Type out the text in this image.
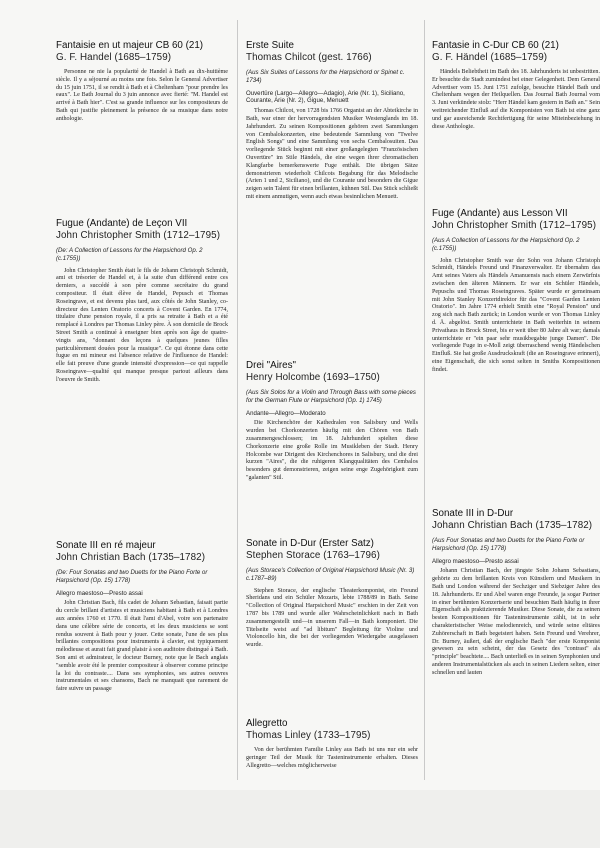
Fantaisie en ut majeur CB 60 (21)
G. F. Handel (1685–1759)

Personne ne nie la popularité de Handel à Bath au dix-huitième siècle. Il y a séjourné au moins une fois. Selon le General Advertiser du 15 juin 1751, il se rendit à Bath et à Cheltenham "pour prendre les eaux". Le Bath Journal du 3 juin annonce avec fierté: "M. Handel est arrivé à Bath hier". C'est sa grande influence sur les compositeurs de Bath qui justifie pleinement la présence de sa musique dans notre anthologie.

Fugue (Andante) de Leçon VII
John Christopher Smith (1712–1795)

(De: A Collection of Lessons for the Harpsichord Op. 2 (c.1755))

John Christopher Smith était le fils de Johann Christoph Schmidt, ami et trésorier de Handel et, à la suite d'un différend entre ces derniers, a succédé à son père comme secrétaire du grand compositeur. Il était élève de Handel, Pepusch et Thomas Roseingrave, et est devenu plus tard, aux côtés de John Stanley, co-directeur des Lenten Oratorio concerts à Covent Garden. En 1774, titulaire d'une pension royale, il a pris sa retraite à Bath et a été remplacé à Londres par Thomas Linley père. À son domicile de Brock Street Smith a continué à enseigner bien après son âge de quatre-vingts ans, "donnant des leçons à quelques jeunes filles particulièrement douées pour la musique". Ce qui étonne dans cette fugue en mi mineur est l'absence relative de l'influence de Handel: elle fait preuve d'une grande intensité d'expression—ce qui rappelle Roseingrave—qualité qui manque presque partout ailleurs dans l'oeuvre de Smith.

Sonate III en ré majeur
John Christian Bach (1735–1782)

(De: Four Sonatas and two Duetts for the Piano Forte or Harpsichord (Op. 15) 1778)

Allegro maestoso—Presto assai

John Christian Bach, fils cadet de Johann Sebastian, faisait partie du cercle brillant d'artistes et musiciens habitant à Bath et à Londres aux années 1760 et 1770. Il était l'ami d'Abel, voire son partenaire dans une célèbre série de concerts, et les deux musiciens se sont rendus souvent à Bath pour y jouer. Cette sonate, l'une de ses plus brillantes compositions pour instruments à clavier, est typiquement mélodieuse et aurait fait grand plaisir à son auditoire distingué à Bath. Son ami et admirateur, le docteur Burney, note que le Bach anglais "semble avoir été le premier compositeur à observer comme principe la loi du contraste.... Dans ses symphonies, ses autres oeuvres instrumentales et ses chansons, Bach ne manquait que rarement de faire suivre un passage

Erste Suite
Thomas Chilcot (gest. 1766)

(Aus Six Suites of Lessons for the Harpsichord or Spinet c. 1734)

Ouvertüre (Largo—Allegro—Adagio), Arie (Nr. 1), Siciliano, Courante, Arie (Nr. 2), Gigue, Menuett

Thomas Chilcot, von 1728 bis 1766 Organist an der Abteikirche in Bath, war einer der hervorragendsten Musiker Westenglands im 18. Jahrhundert. Zu seinen Kompositionen gehören zwei Sammlungen von Cembalokonzerten, eine bedeutende Sammlung von "Twelve English Songs" und eine Sammlung von sechs Cembalosuiten. Das vorliegende Stück beginnt mit einer großangelegten "Französischen Ouvertüre" im Stile Händels, die eine wegen ihrer chromatischen Klangfarbe bemerkenswerte Fuge enthält. Die übrigen Sätze demonstrieren wiederholt Chilcots Begabung für das Melodische (Arien 1 und 2, Siciliano), und die Courante und besonders die Gigue zeigen sein Talent für einen brillanten, kühnen Stil. Das Stück schließt mit einem anmutigen, wenn auch etwas besinnlichen Menuett.

Drei "Aires"
Henry Holcombe (1693–1750)

(Aus Six Solos for a Violin and Through Bass with some pieces for the German Flute or Harpsichord (Op. 1) 1745)

Andante—Allegro—Moderato

Die Kirchenchöre der Kathedralen von Salisbury und Wells wurden bei Chorkonzerten häufig mit den Chören von Bath zusammengeschlossen; im 18. Jahrhundert spielten diese Chorkonzerte eine große Rolle im Musikleben der Stadt. Henry Holcombe war Dirigent des Kirchenchores in Salisbury, und die drei kurzen "Aires", die die ruhigeren Klangqualitäten des Cembalos besonders gut demonstrieren, zeigen seine enge Zugehörigkeit zum "galanten" Stil.

Sonate in D-Dur (Erster Satz)
Stephen Storace (1763–1796)

(Aus Storace's Collection of Original Harpsichord Music (Nr. 3) c.1787–89)

Stephen Storace, der englische Theaterkomponist, ein Freund Sheridans und ein Schüler Mozarts, lebte 1788/89 in Bath. Seine "Collection of Original Harpsichord Music" erschien in der Zeit von 1787 bis 1789 und wurde aller Wahrscheinlichkeit nach in Bath zusammengestellt und—in unserem Fall—in Bath komponiert. Die Titelseite weist auf "ad libitum" Begleitung für Violine und Violoncello hin, die bei der vorliegenden Wiedergabe ausgelassen wurde.

Allegretto
Thomas Linley (1733–1795)

Von der berühmten Familie Linley aus Bath ist uns nur ein sehr geringer Teil der Musik für Tasteninstrumente erhalten. Dieses Allegretto—welches möglicherweise

Fantasie in C-Dur CB 60 (21)
G. F. Händel (1685–1759)

Händels Beliebtheit im Bath des 18. Jahrhunderts ist unbestritten. Er besuchte die Stadt zumindest bei einer Gelegenheit. Dem General Advertiser vom 15. Juni 1751 zufolge, besuchte Händel Bath und Cheltenham wegen der Heilquellen. Das Journal Bath Journal vom 3. Juni verkündete stolz: "Herr Händel kam gestern in Bath an." Sein weitreichender Einfluß auf die Komponisten von Bath ist eine ganz und gar ausreichende Rechtfertigung für seine Miteinbeziehung in diese Anthologie.

Fuge (Andante) aus Lesson VII
John Christopher Smith (1712–1795)

(Aus A Collection of Lessons for the Harpsichord Op. 2 (c.1755))

John Christopher Smith war der Sohn von Johann Christoph Schmidt, Händels Freund und Finanzverwalter. Er übernahm das Amt seines Vaters als Händels Amanuensis nach einem Zerwürfnis zwischen den älteren Männern. Er war ein Schüler Händels, Pepuschs und Thomas Roseingraves. Später wurde er gemeinsam mit John Stanley Konzertdirektor für das "Covent Garden Lenten Oratorio". Im Jahre 1774 erhielt Smith eine "Royal Pension" und zog sich nach Bath zurück; in London wurde er von Thomas Linley d. Ä. abgelöst. Smith unterrichtete in Bath weiterhin in seinem Privathaus in Brock Street, bis er weit über 80 Jahre alt war; damals unterrichtete er "ein paar sehr musikbegabte junge Damen". Die vorliegende Fuge in e-Moll zeigt überraschend wenig Händelschen Einfluß. Sie hat große Ausdruckskraft (die an Roseingrave erinnert), eine Eigenschaft, die sich sonst selten in Smiths Kompositionen findet.

Sonate III in D-Dur
Johann Christian Bach (1735–1782)

(Aus Four Sonatas and two Duetts for the Piano Forte or Harpsichord (Op. 15) 1778)

Allegro maestoso—Presto assai

Johann Christian Bach, der jüngste Sohn Johann Sebastians, gehörte zu dem brillanten Kreis von Künstlern und Musikern in Bath und London während der Sechziger und Siebziger Jahre des 18. Jahrhunderts. Er und Abel waren enge Freunde, ja sogar Partner in einer berühmten Konzertserie und besuchten Bath häufig in ihrer Eigenschaft als praktizierende Musiker. Diese Sonate, die zu seinen besten Kompositionen für Tasteninstrumente zählt, ist in sehr charakteristischer Weise melodienreich, und würde seine elitäres Zuhörerschaft in Bath begeistert haben. Sein Freund und Verehrer, Dr. Burney, äußert, daß der englische Bach "der erste Komponist gewesen zu sein scheint, der das Gesetz des "contrast" als "principle" beachtete.... Bach unterließ es in seinen Symphonien und anderen Instrumentalstücken als auch in seinen Liedern selten, einer schnellen und lauten
